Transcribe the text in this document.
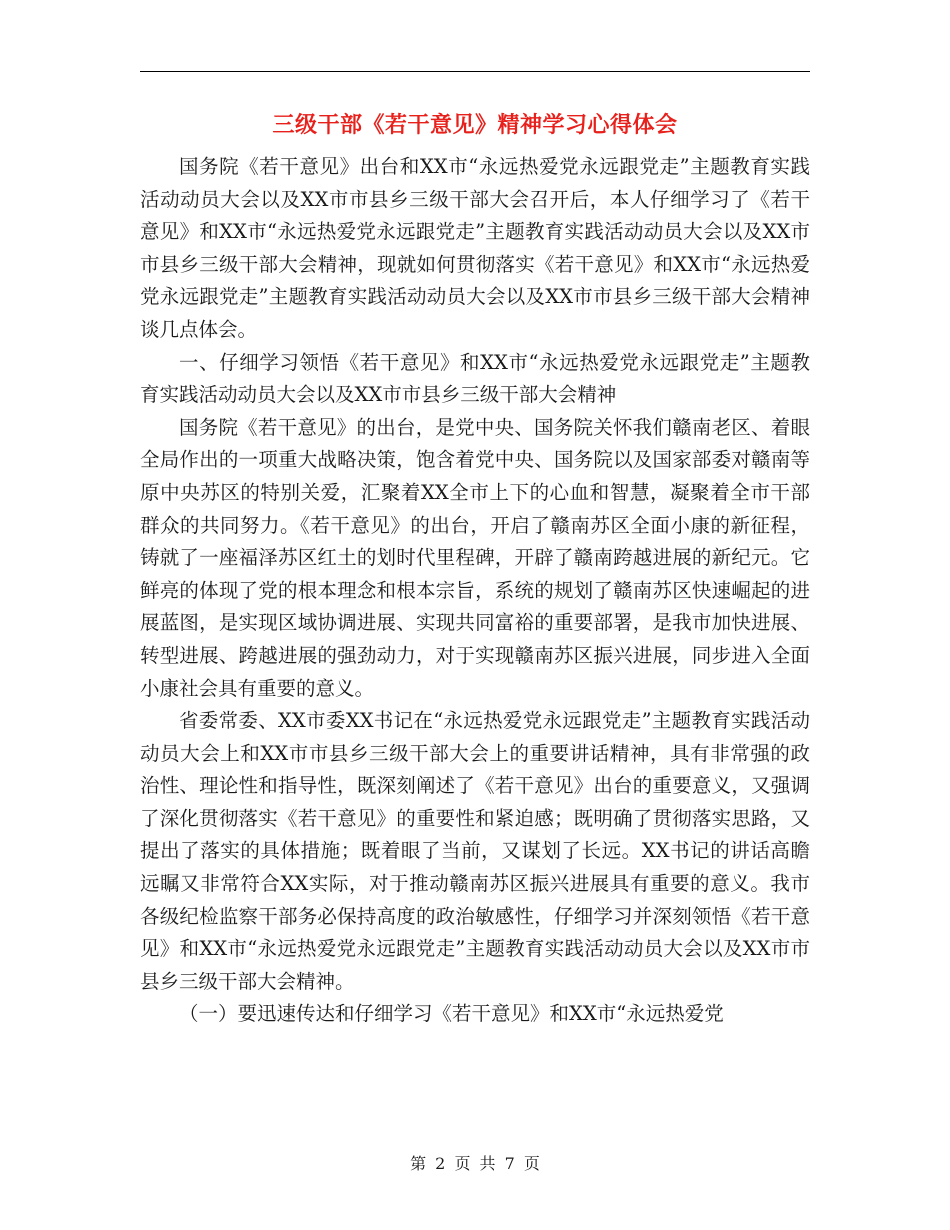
三级干部《若干意见》精神学习心得体会

国务院《若干意见》出台和XX市“永远热爱党永远跟党走”主题教育实践活动动员大会以及XX市市县乡三级干部大会召开后，本人仔细学习了《若干意见》和XX市“永远热爱党永远跟党走”主题教育实践活动动员大会以及XX市市县乡三级干部大会精神，现就如何贯彻落实《若干意见》和XX市“永远热爱党永远跟党走”主题教育实践活动动员大会以及XX市市县乡三级干部大会精神谈几点体会。

一、仔细学习领悟《若干意见》和XX市“永远热爱党永远跟党走”主题教育实践活动动员大会以及XX市市县乡三级干部大会精神

国务院《若干意见》的出台，是党中央、国务院关怀我们赣南老区、着眼全局作出的一项重大战略决策，饱含着党中央、国务院以及国家部委对赣南等原中央苏区的特别关爱，汇聚着XX全市上下的心血和智慧，凝聚着全市干部群众的共同努力。《若干意见》的出台，开启了赣南苏区全面小康的新征程，铸就了一座福泽苏区红土的划时代里程碑，开辟了赣南跨越进展的新纪元。它鲜亮的体现了党的根本理念和根本宗旨，系统的规划了赣南苏区快速崛起的进展蓝图，是实现区域协调进展、实现共同富裕的重要部署，是我市加快进展、转型进展、跨越进展的强劲动力，对于实现赣南苏区振兴进展，同步进入全面小康社会具有重要的意义。

省委常委、XX市委XX书记在“永远热爱党永远跟党走”主题教育实践活动动员大会上和XX市市县乡三级干部大会上的重要讲话精神，具有非常强的政治性、理论性和指导性，既深刻阐述了《若干意见》出台的重要意义，又强调了深化贯彻落实《若干意见》的重要性和紧迫感；既明确了贯彻落实思路，又提出了落实的具体措施；既着眼了当前，又谋划了长远。XX书记的讲话高瞻远瞩又非常符合XX实际，对于推动赣南苏区振兴进展具有重要的意义。我市各级纪检监察干部务必保持高度的政治敏感性，仔细学习并深刻领悟《若干意见》和XX市“永远热爱党永远跟党走”主题教育实践活动动员大会以及XX市市县乡三级干部大会精神。

（一）要迅速传达和仔细学习《若干意见》和XX市“永远热爱党

第 2 页 共 7 页
